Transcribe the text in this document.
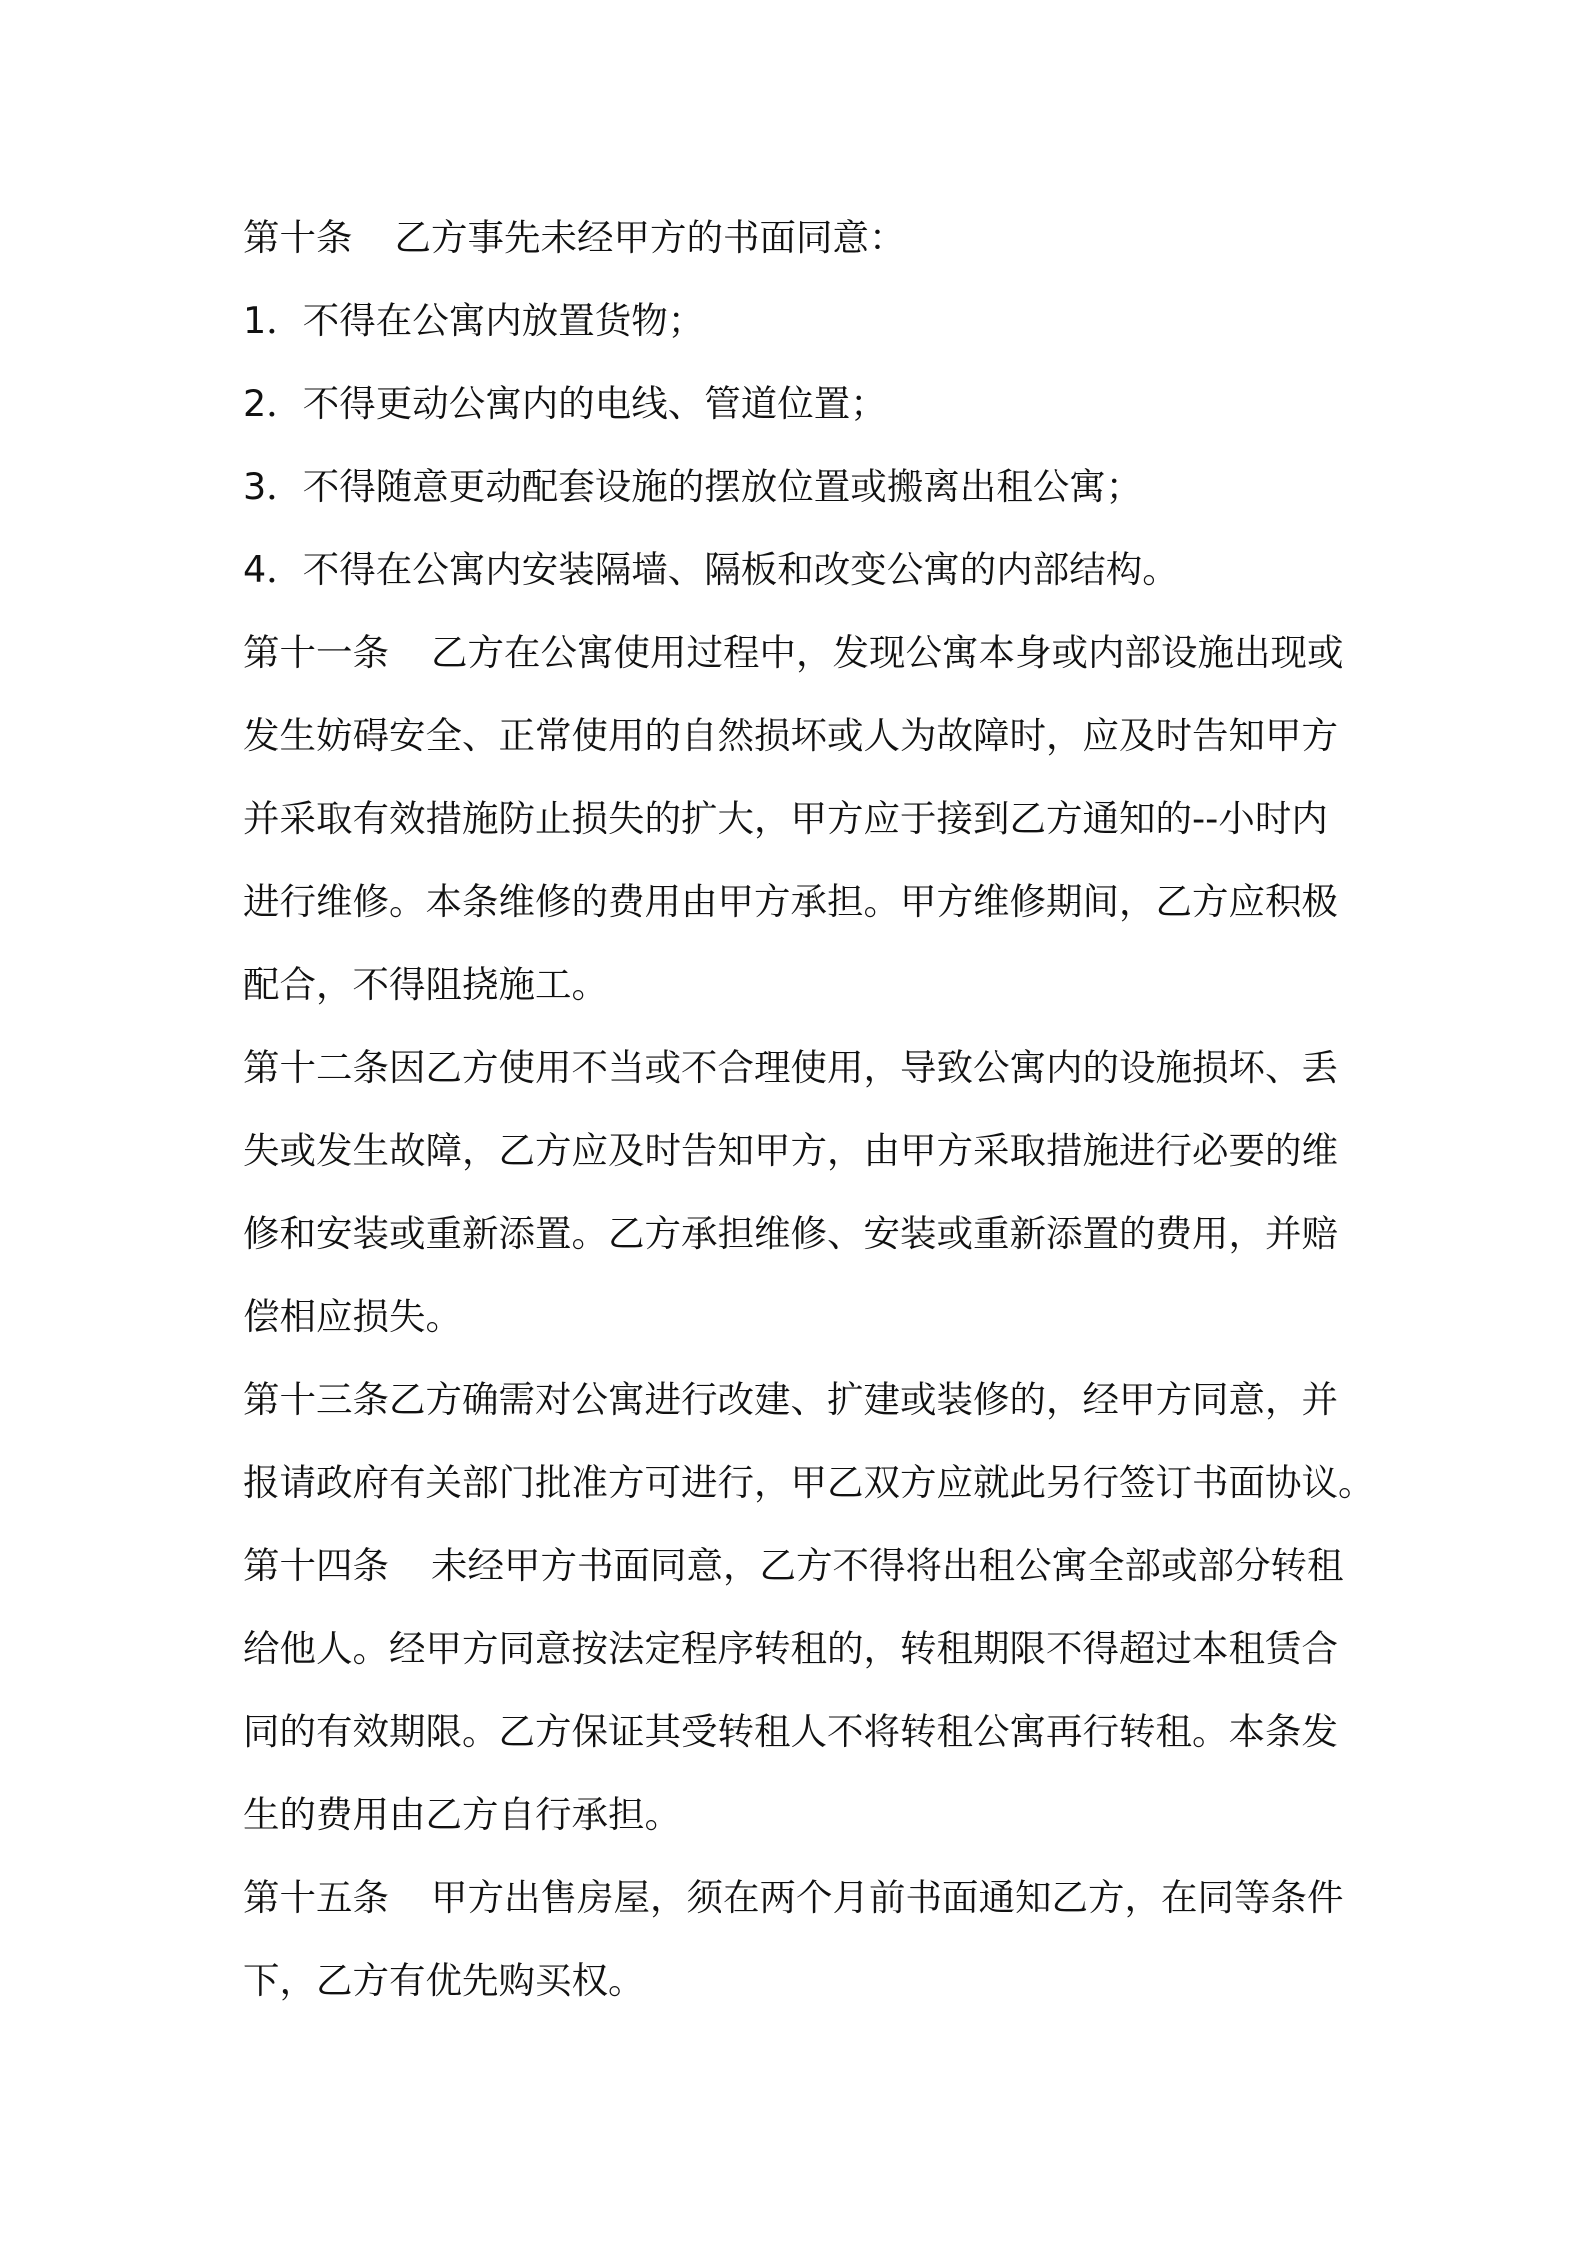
第十条 乙方事先未经甲方的书面同意：
1．不得在公寓内放置货物；
2．不得更动公寓内的电线、管道位置；
3．不得随意更动配套设施的摆放位置或搬离出租公寓；
4．不得在公寓内安装隔墙、隔板和改变公寓的内部结构。
第十一条 乙方在公寓使用过程中，发现公寓本身或内部设施出现或
发生妨碍安全、正常使用的自然损坏或人为故障时，应及时告知甲方
并采取有效措施防止损失的扩大，甲方应于接到乙方通知的--小时内
进行维修。本条维修的费用由甲方承担。甲方维修期间，乙方应积极
配合，不得阻挠施工。
第十二条因乙方使用不当或不合理使用，导致公寓内的设施损坏、丢
失或发生故障，乙方应及时告知甲方，由甲方采取措施进行必要的维
修和安装或重新添置。乙方承担维修、安装或重新添置的费用，并赔
偿相应损失。
第十三条乙方确需对公寓进行改建、扩建或装修的，经甲方同意，并
报请政府有关部门批准方可进行，甲乙双方应就此另行签订书面协议。
第十四条 未经甲方书面同意，乙方不得将出租公寓全部或部分转租
给他人。经甲方同意按法定程序转租的，转租期限不得超过本租赁合
同的有效期限。乙方保证其受转租人不将转租公寓再行转租。本条发
生的费用由乙方自行承担。
第十五条 甲方出售房屋，须在两个月前书面通知乙方，在同等条件
下，乙方有优先购买权。
